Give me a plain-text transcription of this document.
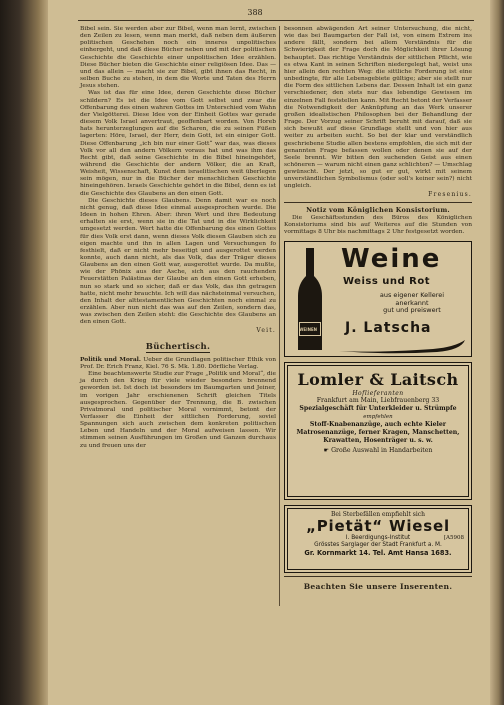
388

Bibel sein. Sie werden aber zur Bibel, wenn man lernt, zwischen den Zeilen zu lesen, wenn man merkt, daß neben dem äußeren politischen Geschehen noch ein inneres unpolitisches einhergeht, und daß diese Bücher neben und mit der politischen Geschichte die Geschichte einer unpolitischen Idee erzählen. Diese Bücher bieten die Geschichte einer religiösen Idee. Das — und das allein — macht sie zur Bibel, gibt ihnen das Recht, in selben Buche zu stehen, in dem die Worte und Taten des Herrn Jesus stehen.

Was ist das für eine Idee, deren Geschichte diese Bücher schildern? Es ist die Idee vom Gott selbst und zwar die Offenbarung des einen wahren Gottes im Unterschied vom Wahn der Vielgötterei. Diese Idee von der Einheit Gottes war gerade diesem Volk Israel anvertraut, geoffenbart worden. Von Horeb hats herunterzeglungen auf die Scharen, die zu seinen Füßen lagerten: Höre, Israel, der Herr, dein Gott, ist ein einiger Gott. Diese Offenbarung „ich bin nur einer Gott“ war das, was dieses Volk vor all den andern Völkern voraus hat und was ihm das Recht gibt, daß seine Geschichte in die Bibel hineingehört, während die Geschichte der andern Völker, die an Kraft, Weisheit, Wissenschaft, Kunst dem israelitischen weit überlegen sein mögen, nur in die Bücher der menschlichen Geschichte hineingehören. Israels Geschichte gehört in die Bibel, denn es ist die Geschichte des Glaubens an den einen Gott.

Die Geschichte dieses Glaubens. Denn damit war es noch nicht genug, daß diese Idee einmal ausgesprochen wurde. Die Ideen in hohen Ehren. Aber: ihren Wert und ihre Bedeutung erhalten sie erst, wenn sie in die Tat und in die Wirklichkeit umgesetzt werden. Wert hatte die Offenbarung des einen Gottes für dies Volk erst dann, wenn dieses Volk diesen Glauben sich zu eigen machte und ihn in allen Lagen und Versuchungen fo festhielt, daß er nicht mehr beseitigt und ausgerottet werden konnte, auch dann nicht, als das Volk, das der Träger dieses Glaubens an den einen Gott war, ausgerottet wurde. Da mußte, wie der Phönix aus der Asche, sich aus den rauchenden Feuerstätten Palästinas der Glaube an den einen Gott erheben, nun so stark und so sicher, daß er das Volk, das ihn getragen hatte, nicht mehr brauchte. Ich will das nächsteinmal versuchen, den Inhalt der alttestamentlichen Geschichten noch einmal zu erzählen. Aber nun nicht das was auf den Zeilen, sondern das, was zwischen den Zeilen steht: die Geschichte des Glaubens an den einen Gott.

Veit.

Büchertisch.

Politik und Moral. Ueber die Grundlagen politischer Ethik von Prof. Dr. Erich Franz, Kiel. 76 S. Mk. 1.80. Dörfliche Verlag.

Eine beachtenswerte Studie zur Frage „Politik und Moral“, die ja durch den Krieg für viele wieder besonders brennend geworden ist. Ist doch ist besonders im Baumgarten und Jeiner, im vorigen Jahr erschienenen Schrift gleichen Titels ausgesprochen. Gegenüber der Trennung, die B. zwischen Privatmoral und politischer Moral vornimmt, betont der Verfasser die Einheit der sittlichen Forderung, soviel Spannungen sich auch zwischen dem konkreten politischen Leben und Handeln und der Moral aufweisen lassen. Wir stimmen seinen Ausführungen im Großen und Ganzen durchaus zu und freuen uns der

besonnen abwägenden Art seiner Untersuchung, die nicht, wie das bei Baumgarten der Fall ist, von einem Extrem ins andere fällt, sondern bei allem Verständnis für die Schwierigkeit der Frage doch die Möglichkeit ihrer Lösung behauptet. Das richtige Verständnis der sittlichen Pflicht, wie es etwa Kant in seinen Schriften niedergelegt hat, weist uns hier allein den rechten Weg: die sittliche Forderung ist eine unbedingte, für alle Lebensgebiete gültige; aber sie stellt nur die Form des sittlichen Lebens dar. Dessen Inhalt ist ein ganz verschiedener, den stets nur das lebendige Gewissen im einzelnen Fall feststellen kann. Mit Recht betont der Verfasser die Notwendigkeit der Anknüpfung an das Werk unserer großen idealistischen Philosophen bei der Behandlung der Frage. Der Vorzug seiner Schrift beruht mit darauf, daß sie sich bewußt auf diese Grundlage stellt und von hier aus weiter zu arbeiten sucht. So bei der klar und verständlich geschriebene Studie allen bestens empfohlen, die sich mit der genannten Frage befassen wollen oder denen sie auf der Seele brennt. Wir bitten den suchenden Geist aus einen schöneren — warum nicht einen ganz schlichten? — Umschlag gewünscht. Der jetzt, so gut er gut, wirkt mit seinem unverständlichen Symbolismus (oder soll's keiner sein?) nicht ungleich.

Fresenius.

Notiz vom Königlichen Konsistorium.

Die Geschäftsstunden des Büros des Königlichen Konsistoriums sind bis auf Weiteres auf die Stunden von vormittags 8 Uhr bis nachmittags 2 Uhr festgesetzt worden.

WEINEN
Weine
Weiss und Rot
aus eigener Kellerei
anerkannt
gut und preiswert
J. Latscha
Lomler & Laitsch
Hoflieferanten
Frankfurt am Main, Liebfrauenberg 33
Spezialgeschäft für Unterkleider u. Strümpfe
empfehlen
Stoff-Knabenanzüge, auch echte Kieler Matrosenanzüge, ferner Kragen, Manschetten, Krawatten, Hosenträger u. s. w.
☛ Große Auswahl in Handarbeiten
Bei Sterbefällen empfiehlt sich
„Pietät“ Wiesel
I. Beerdigungs-Institut	[A5908
Grösstes Sarglager der Stadt Frankfurt a. M.
Gr. Kornmarkt 14. Tel. Amt Hansa 1683.
Beachten Sie unsere Inserenten.
